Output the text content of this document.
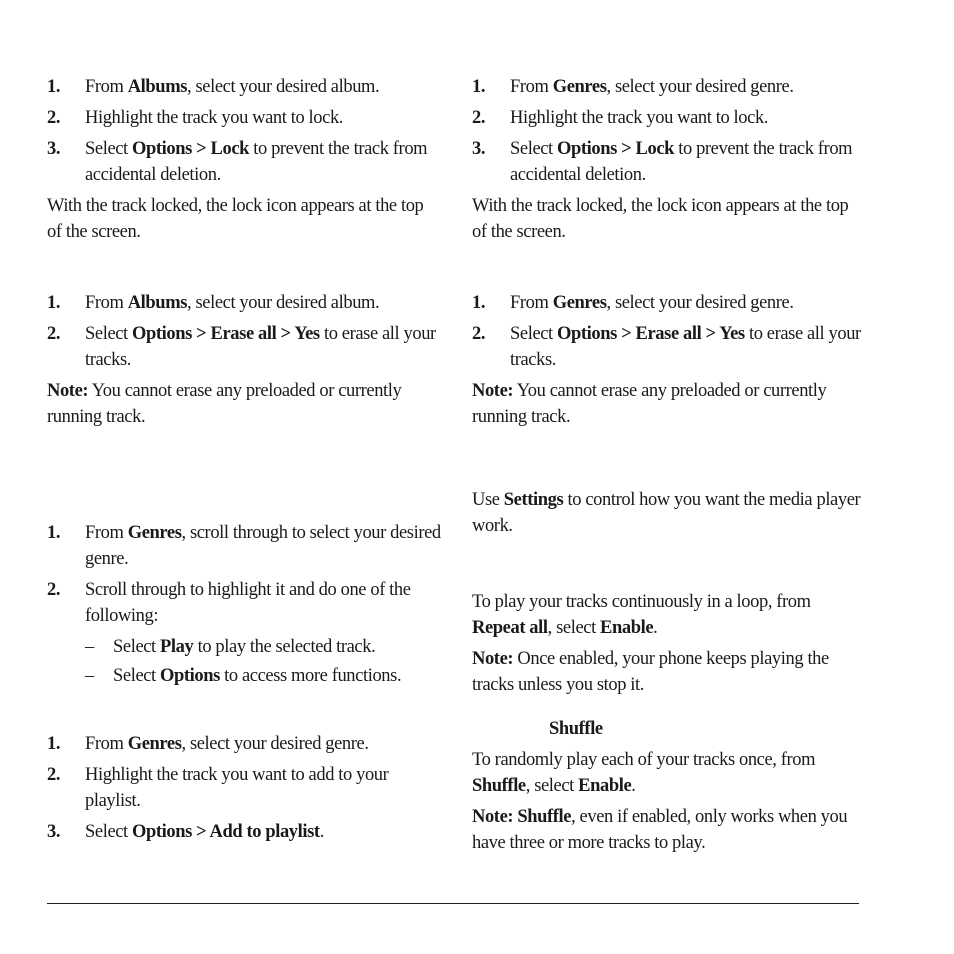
1. From Albums, select your desired album.
2. Highlight the track you want to lock.
3. Select Options > Lock to prevent the track from accidental deletion.
With the track locked, the lock icon appears at the top of the screen.
1. From Albums, select your desired album.
2. Select Options > Erase all > Yes to erase all your tracks.
Note: You cannot erase any preloaded or currently running track.
1. From Genres, scroll through to select your desired genre.
2. Scroll through to highlight it and do one of the following:
– Select Play to play the selected track.
– Select Options to access more functions.
1. From Genres, select your desired genre.
2. Highlight the track you want to add to your playlist.
3. Select Options > Add to playlist.
1. From Genres, select your desired genre.
2. Highlight the track you want to lock.
3. Select Options > Lock to prevent the track from accidental deletion.
With the track locked, the lock icon appears at the top of the screen.
1. From Genres, select your desired genre.
2. Select Options > Erase all > Yes to erase all your tracks.
Note: You cannot erase any preloaded or currently running track.
Use Settings to control how you want the media player work.
To play your tracks continuously in a loop, from Repeat all, select Enable.
Note: Once enabled, your phone keeps playing the tracks unless you stop it.
Shuffle
To randomly play each of your tracks once, from Shuffle, select Enable.
Note: Shuffle, even if enabled, only works when you have three or more tracks to play.
